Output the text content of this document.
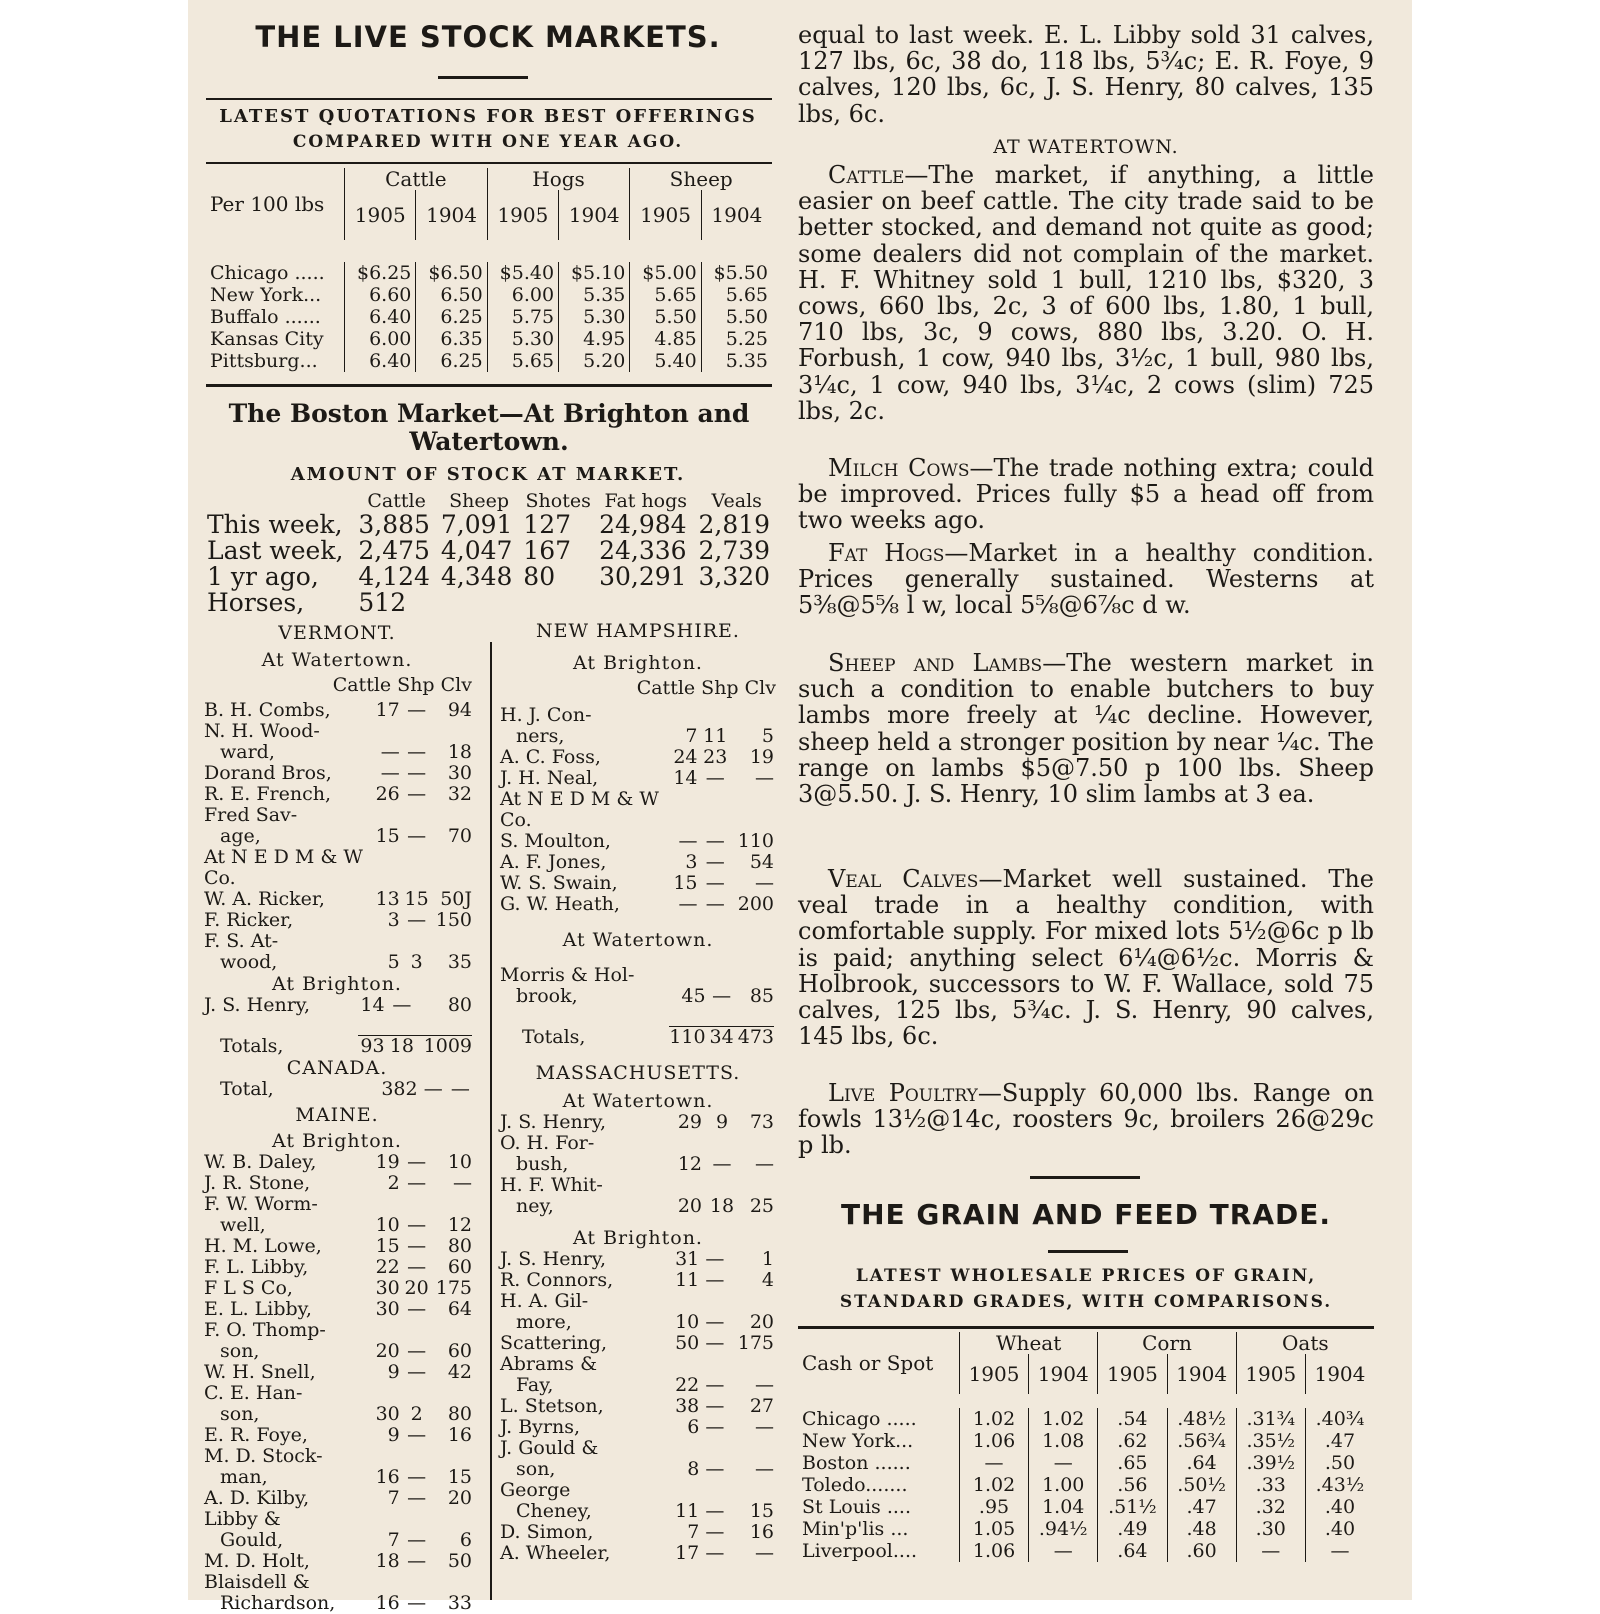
THE LIVE STOCK MARKETS.
LATEST QUOTATIONS FOR BEST OFFERINGS
COMPARED WITH ONE YEAR AGO.
Per 100 lbs	Cattle		Hogs		Sheep	
	1905	1904	1905	1904	1905	1904

Chicago .....	$6.25	$6.50	$5.40	$5.10	$5.00	$5.50
New York...	6.60	6.50	6.00	5.35	5.65	5.65
Buffalo ......	6.40	6.25	5.75	5.30	5.50	5.50
Kansas City	6.00	6.35	5.30	4.95	4.85	5.25
Pittsburg...	6.40	6.25	5.65	5.20	5.40	5.35
The Boston Market—At Brighton and Watertown.
AMOUNT OF STOCK AT MARKET.
	Cattle	Sheep	Shotes	Fat hogs	Veals
This week,	3,885	7,091	127	24,984	2,819
Last week,	2,475	4,047	167	24,336	2,739
1 yr ago,	4,124	4,348	80	30,291	3,320
Horses,	512				
VERMONT.
At Watertown.
Cattle Shp Clv
B. H. Combs,	17	—	94
N. H. Wood-			
ward,	—	—	18
Dorand Bros,	—	—	30
R. E. French,	26	—	32
Fred Sav-			
age,	15	—	70
At N E D M & W Co.			
W. A. Ricker,	13	15	50J
F. Ricker,	3	—	150
F. S. At-			
wood,	5	3	35
At Brighton.
J. S. Henry,	14	—	80

Totals,	93	18	1009
CANADA.
Total,	382	—	—
MAINE.
At Brighton.
W. B. Daley,	19	—	10
J. R. Stone,	2	—	—
F. W. Worm-			
well,	10	—	12
H. M. Lowe,	15	—	80
F. L. Libby,	22	—	60
F L S Co,	30	20	175
E. L. Libby,	30	—	64
F. O. Thomp-			
son,	20	—	60
W. H. Snell,	9	—	42
C. E. Han-			
son,	30	2	80
E. R. Foye,	9	—	16
M. D. Stock-			
man,	16	—	15
A. D. Kilby,	7	—	20
Libby &			
Gould,	7	—	6
M. D. Holt,	18	—	50
Blaisdell &			
Richardson,	16	—	33
NEW HAMPSHIRE.
At Brighton.
Cattle Shp Clv
H. J. Con-			
ners,	7	11	5
A. C. Foss,	24	23	19
J. H. Neal,	14	—	—
At N E D M & W Co.			
S. Moulton,	—	—	110
A. F. Jones,	3	—	54
W. S. Swain,	15	—	—
G. W. Heath,	—	—	200
At Watertown.
Morris & Hol-			
brook,	45	—	85

Totals,	110	34	473
MASSACHUSETTS.
At Watertown.
J. S. Henry,	29	9	73
O. H. For-			
bush,	12	—	—
H. F. Whit-			
ney,	20	18	25
At Brighton.
J. S. Henry,	31	—	1
R. Connors,	11	—	4
H. A. Gil-			
more,	10	—	20
Scattering,	50	—	175
Abrams &			
Fay,	22	—	—
L. Stetson,	38	—	27
J. Byrns,	6	—	—
J. Gould &			
son,	8	—	—
George			
Cheney,	11	—	15
D. Simon,	7	—	16
A. Wheeler,	17	—	—
equal to last week. E. L. Libby sold 31 calves, 127 lbs, 6c, 38 do, 118 lbs, 5¾c; E. R. Foye, 9 calves, 120 lbs, 6c, J. S. Henry, 80 calves, 135 lbs, 6c.
AT WATERTOWN.
Cattle—The market, if anything, a little easier on beef cattle. The city trade said to be better stocked, and demand not quite as good; some dealers did not complain of the market. H. F. Whitney sold 1 bull, 1210 lbs, $320, 3 cows, 660 lbs, 2c, 3 of 600 lbs, 1.80, 1 bull, 710 lbs, 3c, 9 cows, 880 lbs, 3.20. O. H. Forbush, 1 cow, 940 lbs, 3½c, 1 bull, 980 lbs, 3¼c, 1 cow, 940 lbs, 3¼c, 2 cows (slim) 725 lbs, 2c.
Milch Cows—The trade nothing extra; could be improved. Prices fully $5 a head off from two weeks ago.
Fat Hogs—Market in a healthy condition. Prices generally sustained. Westerns at 5⅜@5⅝ l w, local 5⅝@6⅞c d w.
Sheep and Lambs—The western market in such a condition to enable butchers to buy lambs more freely at ¼c decline. However, sheep held a stronger position by near ¼c. The range on lambs $5@7.50 p 100 lbs. Sheep 3@5.50. J. S. Henry, 10 slim lambs at 3 ea.
Veal Calves—Market well sustained. The veal trade in a healthy condition, with comfortable supply. For mixed lots 5½@6c p lb is paid; anything select 6¼@6½c. Morris & Holbrook, successors to W. F. Wallace, sold 75 calves, 125 lbs, 5¾c. J. S. Henry, 90 calves, 145 lbs, 6c.
Live Poultry—Supply 60,000 lbs. Range on fowls 13½@14c, roosters 9c, broilers 26@29c p lb.
THE GRAIN AND FEED TRADE.
LATEST WHOLESALE PRICES OF GRAIN,
STANDARD GRADES, WITH COMPARISONS.
Cash or Spot	Wheat		Corn		Oats	
	1905	1904	1905	1904	1905	1904

Chicago .....	1.02	1.02	.54	.48½	.31¾	.40¾
New York...	1.06	1.08	.62	.56¾	.35½	.47
Boston ......	—	—	.65	.64	.39½	.50
Toledo.......	1.02	1.00	.56	.50½	.33	.43½
St Louis ....	.95	1.04	.51½	.47	.32	.40
Min'p'lis ...	1.05	.94½	.49	.48	.30	.40
Liverpool....	1.06	—	.64	.60	—	—
